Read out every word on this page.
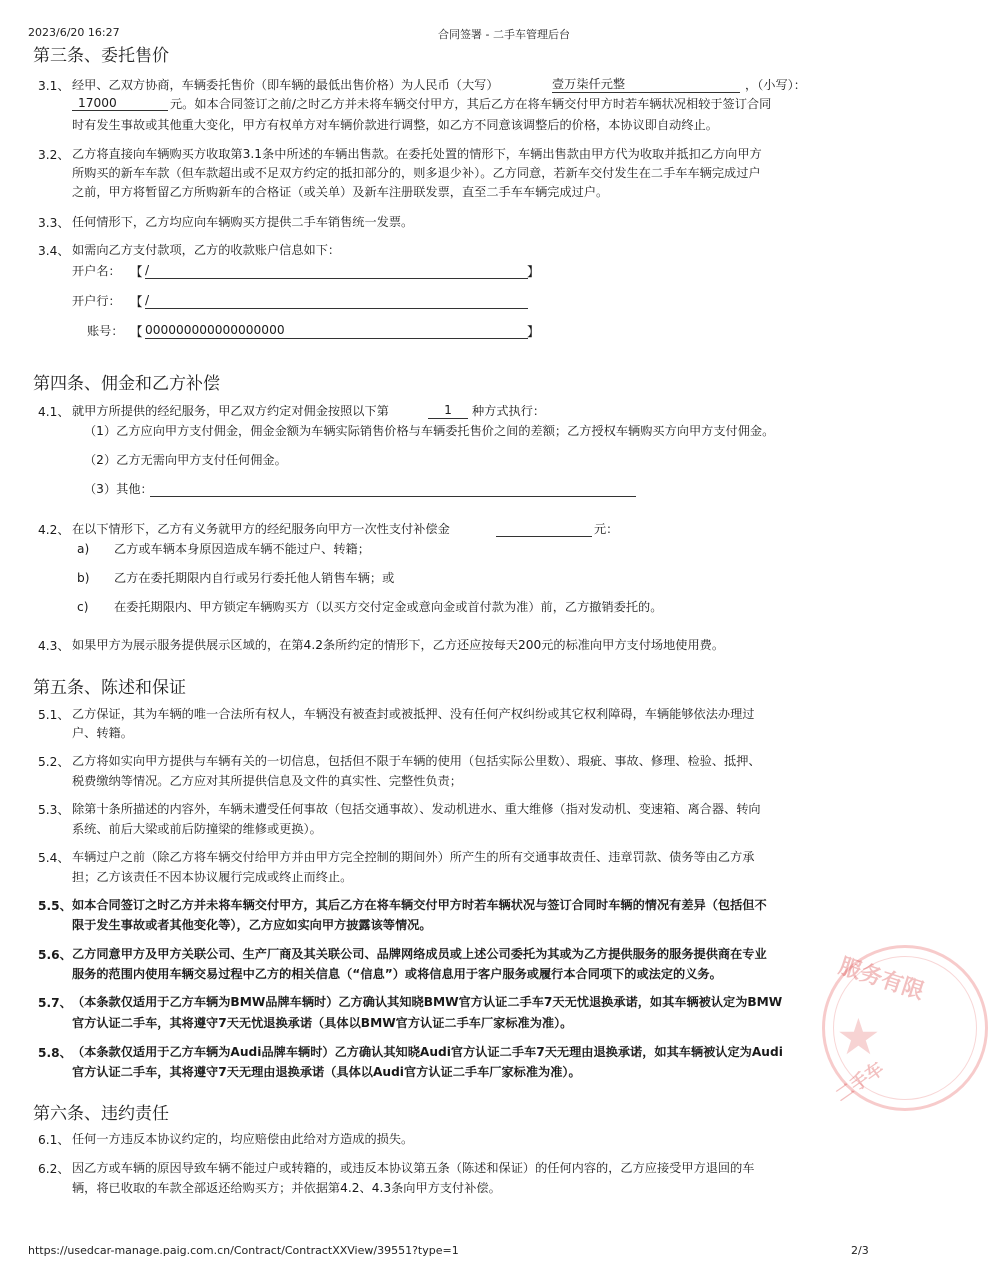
2023/6/20 16:27	合同签署 - 二手车管理后台
https://usedcar-manage.paig.com.cn/Contract/ContractXXView/39551?type=1	2/3
服务有限
★
二手车
第三条、委托售价
3.1、 经甲、乙双方协商，车辆委托售价（即车辆的最低出售价格）为人民币（大写）	壹万柒仟元整	，（小写）：
17000	元。如本合同签订之前/之时乙方并未将车辆交付甲方，其后乙方在将车辆交付甲方时若车辆状况相较于签订合同
时有发生事故或其他重大变化，甲方有权单方对车辆价款进行调整，如乙方不同意该调整后的价格，本协议即自动终止。
3.2、 乙方将直接向车辆购买方收取第3.1条中所述的车辆出售款。在委托处置的情形下，车辆出售款由甲方代为收取并抵扣乙方向甲方
所购买的新车车款（但车款超出或不足双方约定的抵扣部分的，则多退少补）。乙方同意，若新车交付发生在二手车车辆完成过户
之前，甲方将暂留乙方所购新车的合格证（或关单）及新车注册联发票，直至二手车车辆完成过户。
3.3、 任何情形下，乙方均应向车辆购买方提供二手车销售统一发票。
3.4、 如需向乙方支付款项，乙方的收款账户信息如下：
开户名： 【 /	】
开户行： 【 /
账号： 【 000000000000000000	】
第四条、佣金和乙方补偿
4.1、 就甲方所提供的经纪服务，甲乙双方约定对佣金按照以下第	1	种方式执行：
（1）乙方应向甲方支付佣金，佣金金额为车辆实际销售价格与车辆委托售价之间的差额；乙方授权车辆购买方向甲方支付佣金。
（2）乙方无需向甲方支付任何佣金。
（3）其他：
4.2、 在以下情形下，乙方有义务就甲方的经纪服务向甲方一次性支付补偿金	元：
a) 乙方或车辆本身原因造成车辆不能过户、转籍；
b) 乙方在委托期限内自行或另行委托他人销售车辆；或
c) 在委托期限内、甲方锁定车辆购买方（以买方交付定金或意向金或首付款为准）前，乙方撤销委托的。
4.3、 如果甲方为展示服务提供展示区域的，在第4.2条所约定的情形下，乙方还应按每天200元的标准向甲方支付场地使用费。
第五条、陈述和保证
5.1、 乙方保证，其为车辆的唯一合法所有权人，车辆没有被查封或被抵押、没有任何产权纠纷或其它权利障碍，车辆能够依法办理过
户、转籍。
5.2、 乙方将如实向甲方提供与车辆有关的一切信息，包括但不限于车辆的使用（包括实际公里数）、瑕疵、事故、修理、检验、抵押、
税费缴纳等情况。乙方应对其所提供信息及文件的真实性、完整性负责；
5.3、 除第十条所描述的内容外，车辆未遭受任何事故（包括交通事故）、发动机进水、重大维修（指对发动机、变速箱、离合器、转向
系统、前后大梁或前后防撞梁的维修或更换）。
5.4、 车辆过户之前（除乙方将车辆交付给甲方并由甲方完全控制的期间外）所产生的所有交通事故责任、违章罚款、债务等由乙方承
担；乙方该责任不因本协议履行完成或终止而终止。
5.5、 如本合同签订之时乙方并未将车辆交付甲方，其后乙方在将车辆交付甲方时若车辆状况与签订合同时车辆的情况有差异（包括但不
限于发生事故或者其他变化等），乙方应如实向甲方披露该等情况。
5.6、 乙方同意甲方及甲方关联公司、生产厂商及其关联公司、品牌网络成员或上述公司委托为其或为乙方提供服务的服务提供商在专业
服务的范围内使用车辆交易过程中乙方的相关信息（“信息”）或将信息用于客户服务或履行本合同项下的或法定的义务。
5.7、 （本条款仅适用于乙方车辆为BMW品牌车辆时）乙方确认其知晓BMW官方认证二手车7天无忧退换承诺，如其车辆被认定为BMW
官方认证二手车，其将遵守7天无忧退换承诺（具体以BMW官方认证二手车厂家标准为准）。
5.8、 （本条款仅适用于乙方车辆为Audi品牌车辆时）乙方确认其知晓Audi官方认证二手车7天无理由退换承诺，如其车辆被认定为Audi
官方认证二手车，其将遵守7天无理由退换承诺（具体以Audi官方认证二手车厂家标准为准）。
第六条、违约责任
6.1、 任何一方违反本协议约定的，均应赔偿由此给对方造成的损失。
6.2、 因乙方或车辆的原因导致车辆不能过户或转籍的，或违反本协议第五条（陈述和保证）的任何内容的，乙方应接受甲方退回的车
辆，将已收取的车款全部返还给购买方；并依据第4.2、4.3条向甲方支付补偿。
